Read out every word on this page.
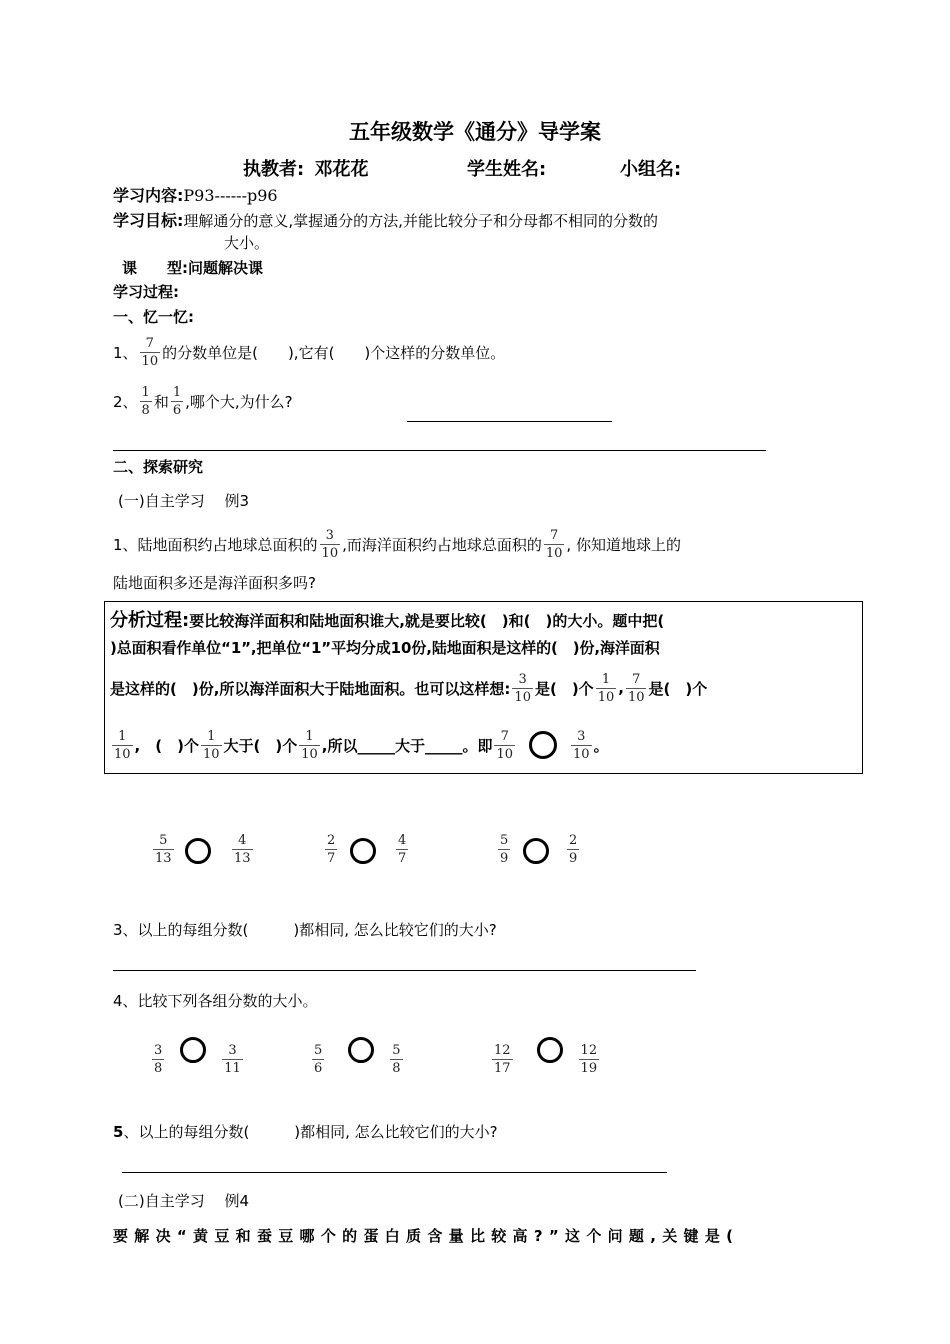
五年级数学《通分》导学案
执教者: 邓花花	学生姓名:	小组名:
学习内容:P93------p96
学习目标:理解通分的意义,掌握通分的方法,并能比较分子和分母都不相同的分数的
大小。
课　　型:问题解决课
学习过程:
一、忆一忆:
1、 $\frac{7}{10}$ 的分数单位是(　　),它有(　　)个这样的分数单位。
2、 $\frac{1}{8}$ 和 $\frac{1}{6}$ ,哪个大,为什么?
二、探索研究
(一)自主学习　 例3
1、陆地面积约占地球总面积的 $\frac{3}{10}$ ,而海洋面积约占地球总面积的 $\frac{7}{10}$ , 你知道地球上的
陆地面积多还是海洋面积多吗?
分析过程:要比较海洋面积和陆地面积谁大,就是要比较(　)和(　)的大小。题中把(
)总面积看作单位“1”,把单位“1”平均分成10份,陆地面积是这样的(　)份,海洋面积
是这样的(　)份,所以海洋面积大于陆地面积。也可以这样想: $\frac{3}{10}$ 是(　)个 $\frac{1}{10}$ , $\frac{7}{10}$ 是(　)个
$\frac{1}{10}$ ,　(　)个 $\frac{1}{10}$ 大于(　)个 $\frac{1}{10}$ ,所以_____大于_____。即 $\frac{7}{10}$	$\frac{3}{10}$ 。
$\frac{5}{13}$	$\frac{4}{13}$	$\frac{2}{7}$	$\frac{4}{7}$	$\frac{5}{9}$	$\frac{2}{9}$
3、以上的每组分数(　　　)都相同, 怎么比较它们的大小?
4、比较下列各组分数的大小。
$\frac{3}{8}$	$\frac{3}{11}$	$\frac{5}{6}$	$\frac{5}{8}$	$\frac{12}{17}$	$\frac{12}{19}$
5、以上的每组分数(　　　)都相同, 怎么比较它们的大小?
(二)自主学习　 例4
要解决“黄豆和蚕豆哪个的蛋白质含量比较高?”这个问题,关键是(
